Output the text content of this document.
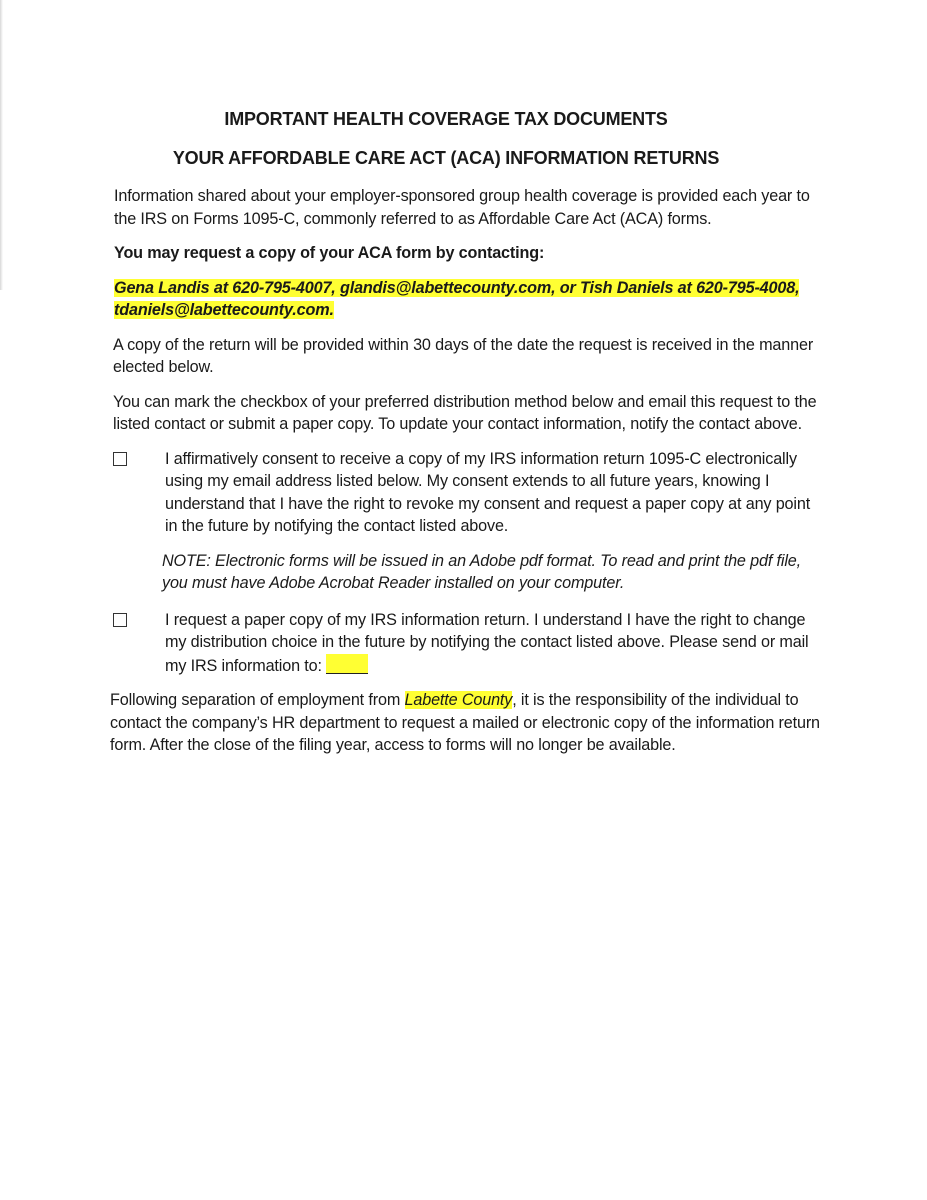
IMPORTANT HEALTH COVERAGE TAX DOCUMENTS
YOUR AFFORDABLE CARE ACT (ACA) INFORMATION RETURNS

Information shared about your employer-sponsored group health coverage is provided each year to the IRS on Forms 1095-C, commonly referred to as Affordable Care Act (ACA) forms.

You may request a copy of your ACA form by contacting:

Gena Landis at 620-795-4007, glandis@labettecounty.com, or Tish Daniels at 620-795-4008, tdaniels@labettecounty.com.

A copy of the return will be provided within 30 days of the date the request is received in the manner elected below.

You can mark the checkbox of your preferred distribution method below and email this request to the listed contact or submit a paper copy. To update your contact information, notify the contact above.

I affirmatively consent to receive a copy of my IRS information return 1095-C electronically using my email address listed below. My consent extends to all future years, knowing I understand that I have the right to revoke my consent and request a paper copy at any point in the future by notifying the contact listed above.

NOTE: Electronic forms will be issued in an Adobe pdf format. To read and print the pdf file, you must have Adobe Acrobat Reader installed on your computer.

I request a paper copy of my IRS information return. I understand I have the right to change my distribution choice in the future by notifying the contact listed above. Please send or mail my IRS information to:

Following separation of employment from Labette County, it is the responsibility of the individual to contact the company’s HR department to request a mailed or electronic copy of the information return form. After the close of the filing year, access to forms will no longer be available.
